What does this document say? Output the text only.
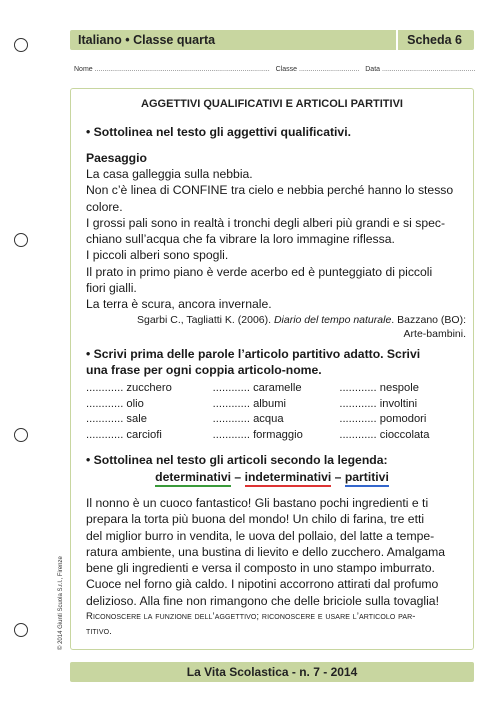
Italiano • Classe quarta	Scheda 6
Nome .......................................................................................... Classe ............................... Data ................................................
AGGETTIVI QUALIFICATIVI E ARTICOLI PARTITIVI
• Sottolinea nel testo gli aggettivi qualificativi.
Paesaggio
La casa galleggia sulla nebbia.
Non c’è linea di CONFINE tra cielo e nebbia perché hanno lo stesso
colore.
I grossi pali sono in realtà i tronchi degli alberi più grandi e si spec-
chiano sull’acqua che fa vibrare la loro immagine riflessa.
I piccoli alberi sono spogli.
Il prato in primo piano è verde acerbo ed è punteggiato di piccoli
fiori gialli.
La terra è scura, ancora invernale.
Sgarbi C., Tagliatti K. (2006). Diario del tempo naturale. Bazzano (BO):
Arte-bambini.
• Scrivi prima delle parole l’articolo partitivo adatto. Scrivi
una frase per ogni coppia articolo-nome.
............ zucchero	............ caramelle	............ nespole
............ olio	............ albumi	............ involtini
............ sale	............ acqua	............ pomodori
............ carciofi	............ formaggio	............ cioccolata
• Sottolinea nel testo gli articoli secondo la legenda:
determinativi – indeterminativi – partitivi
Il nonno è un cuoco fantastico! Gli bastano pochi ingredienti e ti
prepara la torta più buona del mondo! Un chilo di farina, tre etti
del miglior burro in vendita, le uova del pollaio, del latte a tempe-
ratura ambiente, una bustina di lievito e dello zucchero. Amalgama
bene gli ingredienti e versa il composto in uno stampo imburrato.
Cuoce nel forno già caldo. I nipotini accorrono attirati dal profumo
delizioso. Alla fine non rimangono che delle briciole sulla tovaglia!
Riconoscere la funzione dell’aggettivo; riconoscere e usare l’articolo par-
titivo.
© 2014 Giunti Scuola S.r.l., Firenze
La Vita Scolastica - n. 7 - 2014
